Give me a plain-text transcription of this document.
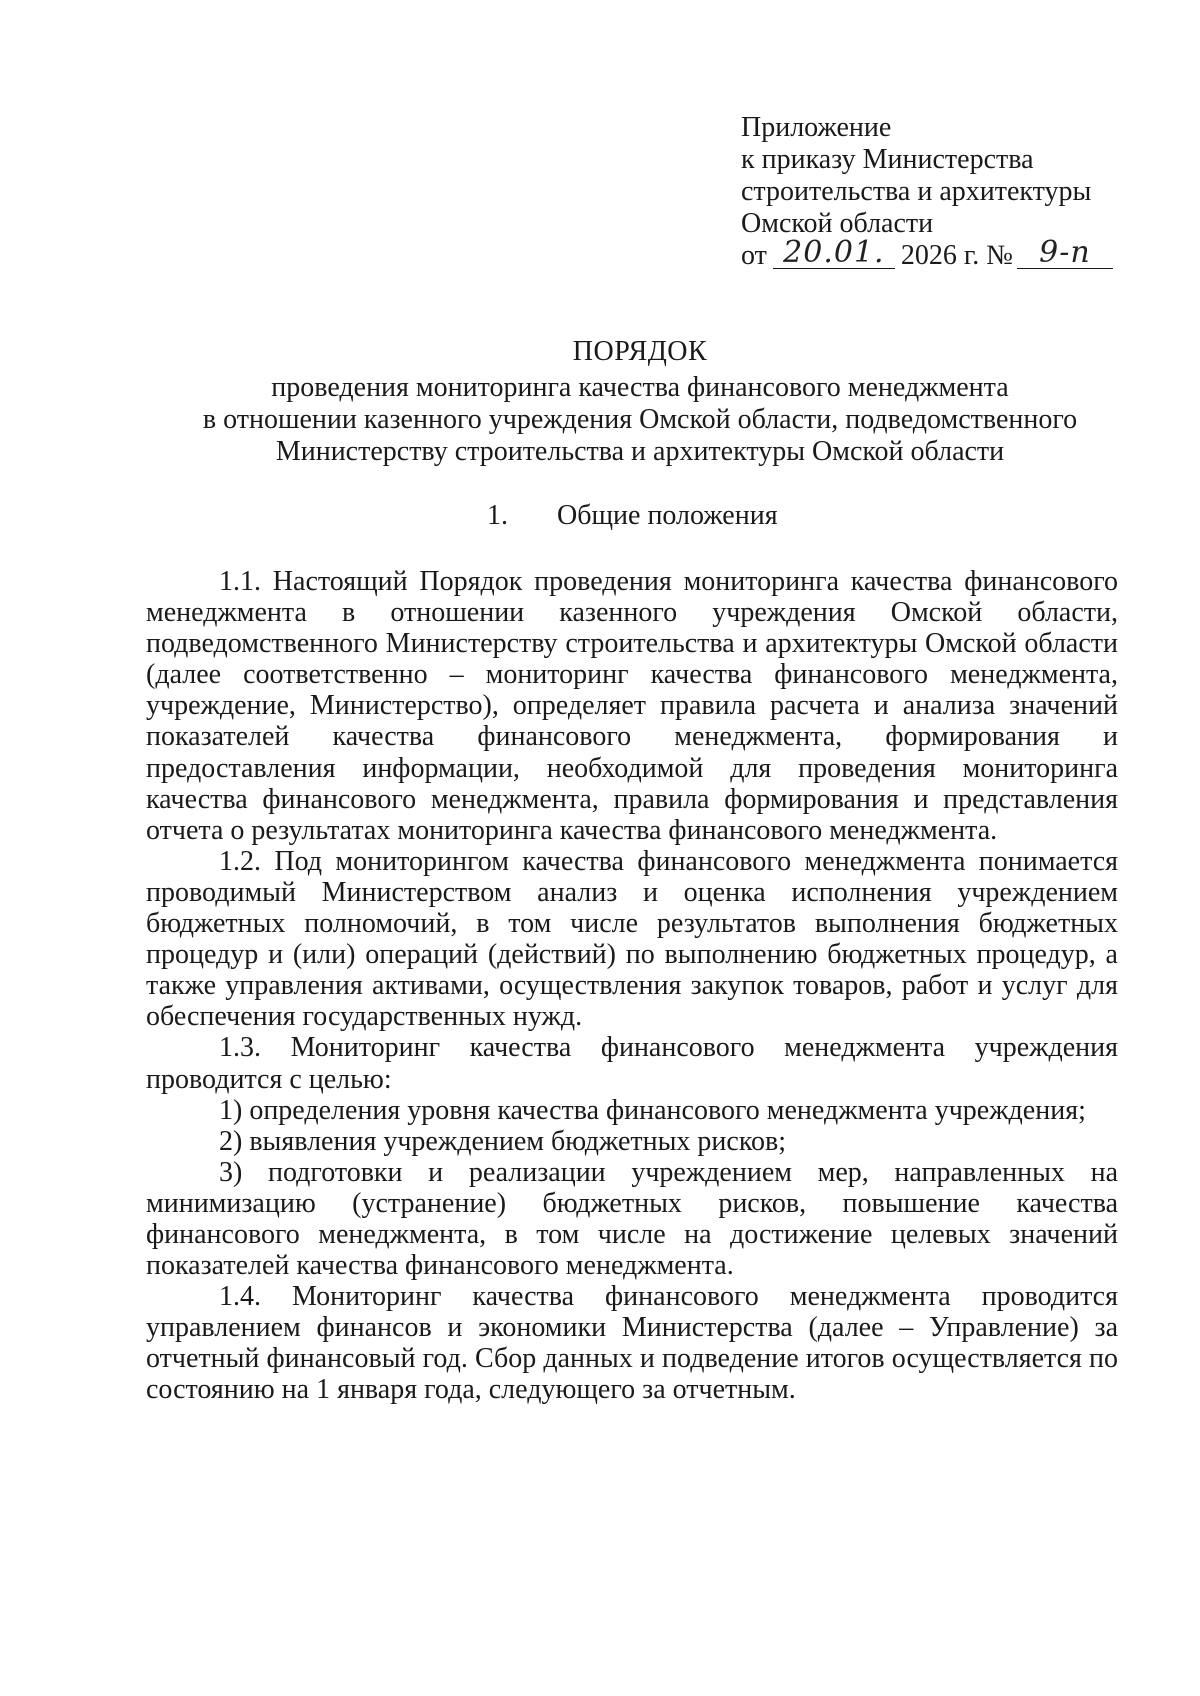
Приложение
к приказу Министерства
строительства и архитектуры
Омской области
от 20.01. 2026 г. № 9-п
ПОРЯДОК
проведения мониторинга качества финансового менеджмента
в отношении казенного учреждения Омской области, подведомственного
Министерству строительства и архитектуры Омской области
1. Общие положения

1.1. Настоящий Порядок проведения мониторинга качества финансового менеджмента в отношении казенного учреждения Омской области, подведомственного Министерству строительства и архитектуры Омской области (далее соответственно – мониторинг качества финансового менеджмента, учреждение, Министерство), определяет правила расчета и анализа значений показателей качества финансового менеджмента, формирования и предоставления информации, необходимой для проведения мониторинга качества финансового менеджмента, правила формирования и представления отчета о результатах мониторинга качества финансового менеджмента.

1.2. Под мониторингом качества финансового менеджмента понимается проводимый Министерством анализ и оценка исполнения учреждением бюджетных полномочий, в том числе результатов выполнения бюджетных процедур и (или) операций (действий) по выполнению бюджетных процедур, а также управления активами, осуществления закупок товаров, работ и услуг для обеспечения государственных нужд.

1.3. Мониторинг качества финансового менеджмента учреждения проводится с целью:

1) определения уровня качества финансового менеджмента учреждения;

2) выявления учреждением бюджетных рисков;

3) подготовки и реализации учреждением мер, направленных на минимизацию (устранение) бюджетных рисков, повышение качества финансового менеджмента, в том числе на достижение целевых значений показателей качества финансового менеджмента.

1.4. Мониторинг качества финансового менеджмента проводится управлением финансов и экономики Министерства (далее – Управление) за отчетный финансовый год. Сбор данных и подведение итогов осуществляется по состоянию на 1 января года, следующего за отчетным.
